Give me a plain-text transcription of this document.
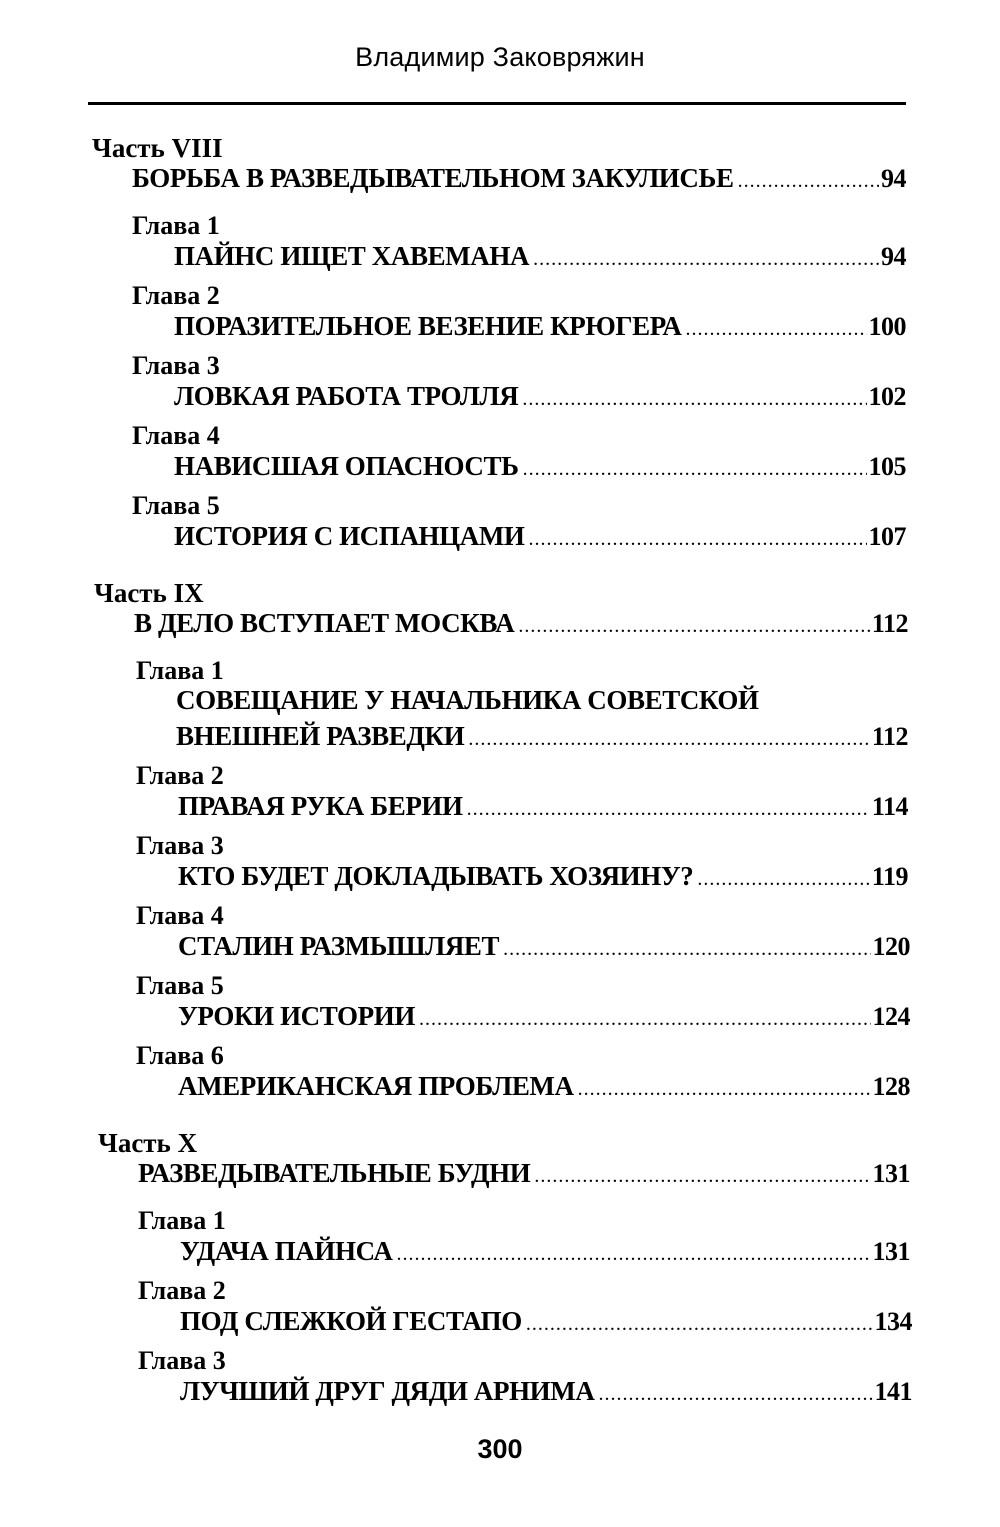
Владимир Заковряжин
Часть VIII
БОРЬБА В РАЗВЕДЫВАТЕЛЬНОМ ЗАКУЛИСЬЕ .....	94
Глава 1
ПАЙНС ИЩЕТ ХАВЕМАНА .....	94
Глава 2
ПОРАЗИТЕЛЬНОЕ ВЕЗЕНИЕ КРЮГЕРА .....	100
Глава 3
ЛОВКАЯ РАБОТА ТРОЛЛЯ .....	102
Глава 4
НАВИСШАЯ ОПАСНОСТЬ .....	105
Глава 5
ИСТОРИЯ С ИСПАНЦАМИ .....	107
Часть IX
В ДЕЛО ВСТУПАЕТ МОСКВА .....	112
Глава 1
СОВЕЩАНИЕ У НАЧАЛЬНИКА СОВЕТСКОЙ
ВНЕШНЕЙ РАЗВЕДКИ .....	112
Глава 2
ПРАВАЯ РУКА БЕРИИ .....	114
Глава 3
КТО БУДЕТ ДОКЛАДЫВАТЬ ХОЗЯИНУ? .....	119
Глава 4
СТАЛИН РАЗМЫШЛЯЕТ .....	120
Глава 5
УРОКИ ИСТОРИИ .....	124
Глава 6
АМЕРИКАНСКАЯ ПРОБЛЕМА .....	128
Часть X
РАЗВЕДЫВАТЕЛЬНЫЕ БУДНИ .....	131
Глава 1
УДАЧА ПАЙНСА .....	131
Глава 2
ПОД СЛЕЖКОЙ ГЕСТАПО .....	134
Глава 3
ЛУЧШИЙ ДРУГ ДЯДИ АРНИМА .....	141
300
